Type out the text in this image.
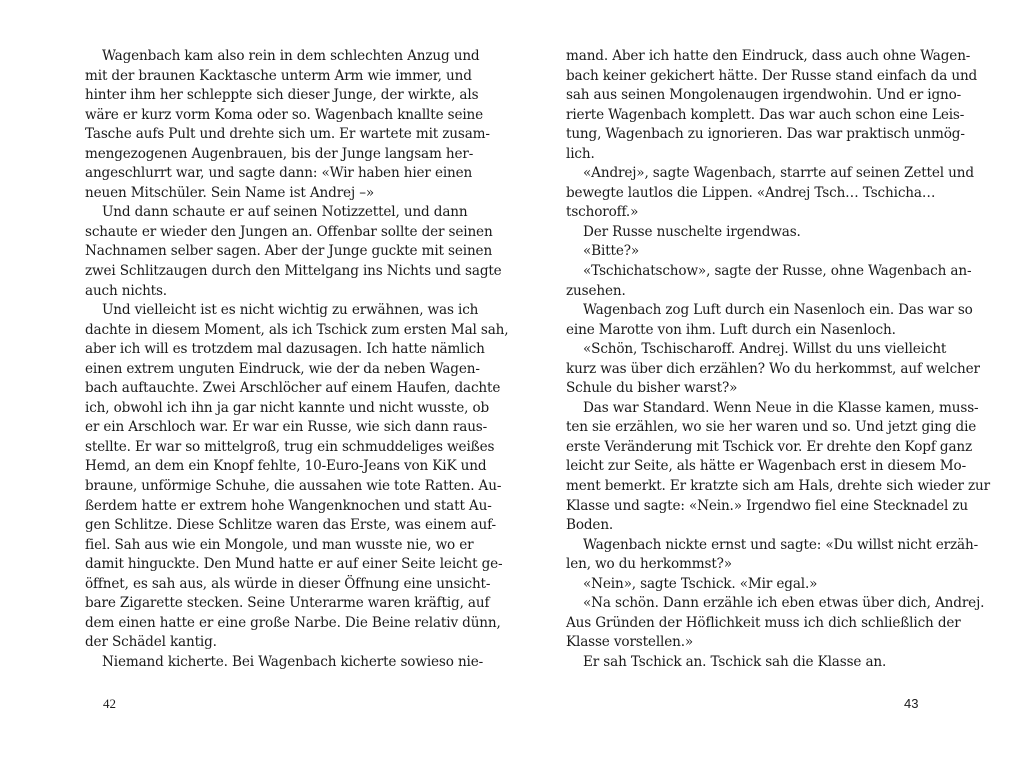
Wagenbach kam also rein in dem schlechten Anzug und
mit der braunen Kacktasche unterm Arm wie immer, und
hinter ihm her schleppte sich dieser Junge, der wirkte, als
wäre er kurz vorm Koma oder so. Wagenbach knallte seine
Tasche aufs Pult und drehte sich um. Er wartete mit zusam-
mengezogenen Augenbrauen, bis der Junge langsam her-
angeschlurrt war, und sagte dann: «Wir haben hier einen
neuen Mitschüler. Sein Name ist Andrej –»
Und dann schaute er auf seinen Notizzettel, und dann
schaute er wieder den Jungen an. Offenbar sollte der seinen
Nachnamen selber sagen. Aber der Junge guckte mit seinen
zwei Schlitzaugen durch den Mittelgang ins Nichts und sagte
auch nichts.
Und vielleicht ist es nicht wichtig zu erwähnen, was ich
dachte in diesem Moment, als ich Tschick zum ersten Mal sah,
aber ich will es trotzdem mal dazusagen. Ich hatte nämlich
einen extrem unguten Eindruck, wie der da neben Wagen-
bach auftauchte. Zwei Arschlöcher auf einem Haufen, dachte
ich, obwohl ich ihn ja gar nicht kannte und nicht wusste, ob
er ein Arschloch war. Er war ein Russe, wie sich dann raus-
stellte. Er war so mittelgroß, trug ein schmuddeliges weißes
Hemd, an dem ein Knopf fehlte, 10-Euro-Jeans von KiK und
braune, unförmige Schuhe, die aussahen wie tote Ratten. Au-
ßerdem hatte er extrem hohe Wangenknochen und statt Au-
gen Schlitze. Diese Schlitze waren das Erste, was einem auf-
fiel. Sah aus wie ein Mongole, und man wusste nie, wo er
damit hinguckte. Den Mund hatte er auf einer Seite leicht ge-
öffnet, es sah aus, als würde in dieser Öffnung eine unsicht-
bare Zigarette stecken. Seine Unterarme waren kräftig, auf
dem einen hatte er eine große Narbe. Die Beine relativ dünn,
der Schädel kantig.
Niemand kicherte. Bei Wagenbach kicherte sowieso nie-
mand. Aber ich hatte den Eindruck, dass auch ohne Wagen-
bach keiner gekichert hätte. Der Russe stand einfach da und
sah aus seinen Mongolenaugen irgendwohin. Und er igno-
rierte Wagenbach komplett. Das war auch schon eine Leis-
tung, Wagenbach zu ignorieren. Das war praktisch unmög-
lich.
«Andrej», sagte Wagenbach, starrte auf seinen Zettel und
bewegte lautlos die Lippen. «Andrej Tsch… Tschicha…
tschoroff.»
Der Russe nuschelte irgendwas.
«Bitte?»
«Tschichatschow», sagte der Russe, ohne Wagenbach an-
zusehen.
Wagenbach zog Luft durch ein Nasenloch ein. Das war so
eine Marotte von ihm. Luft durch ein Nasenloch.
«Schön, Tschischaroff. Andrej. Willst du uns vielleicht
kurz was über dich erzählen? Wo du herkommst, auf welcher
Schule du bisher warst?»
Das war Standard. Wenn Neue in die Klasse kamen, muss-
ten sie erzählen, wo sie her waren und so. Und jetzt ging die
erste Veränderung mit Tschick vor. Er drehte den Kopf ganz
leicht zur Seite, als hätte er Wagenbach erst in diesem Mo-
ment bemerkt. Er kratzte sich am Hals, drehte sich wieder zur
Klasse und sagte: «Nein.» Irgendwo fiel eine Stecknadel zu
Boden.
Wagenbach nickte ernst und sagte: «Du willst nicht erzäh-
len, wo du herkommst?»
«Nein», sagte Tschick. «Mir egal.»
«Na schön. Dann erzähle ich eben etwas über dich, Andrej.
Aus Gründen der Höflichkeit muss ich dich schließlich der
Klasse vorstellen.»
Er sah Tschick an. Tschick sah die Klasse an.
42	43
